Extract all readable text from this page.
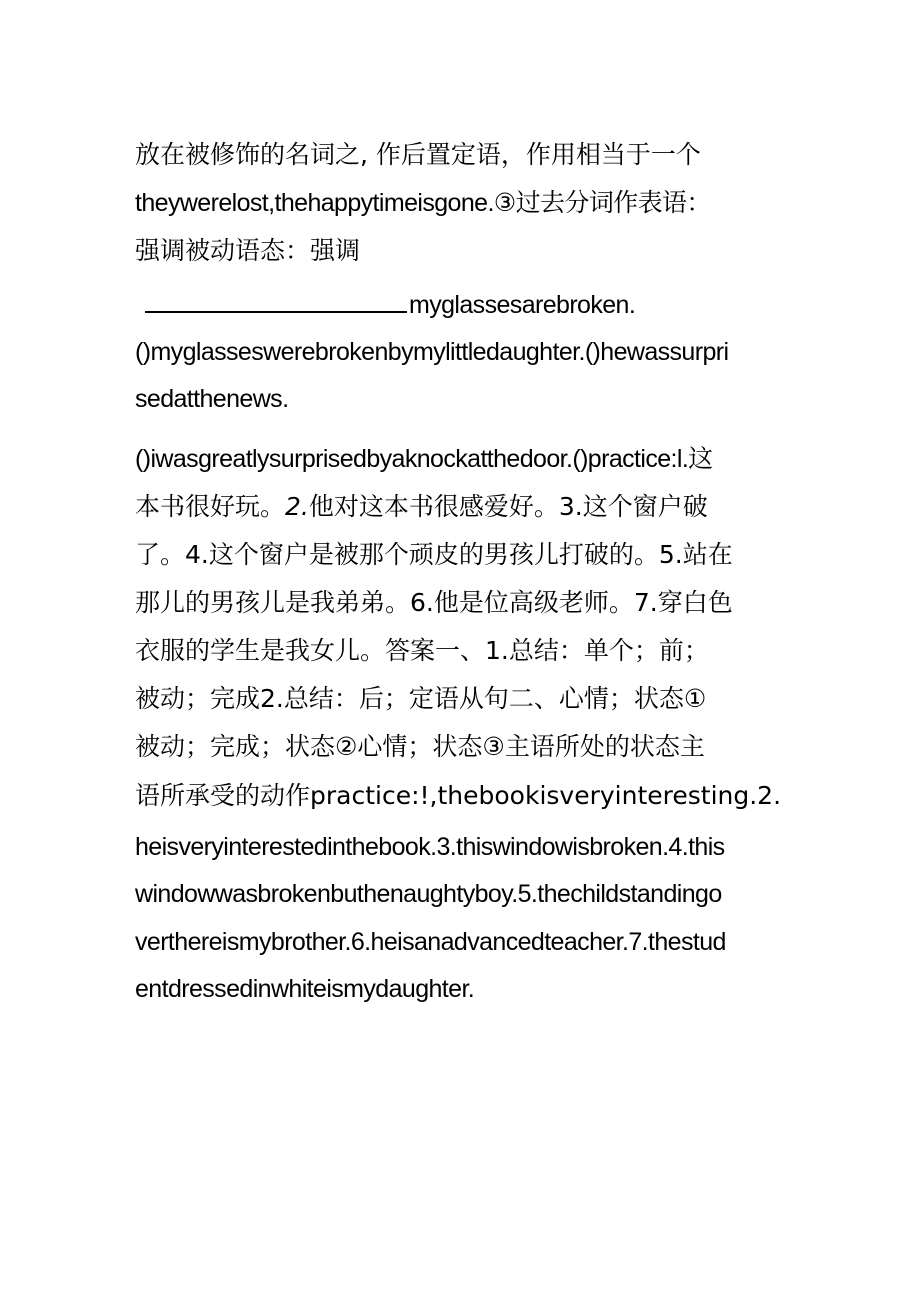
放在被修饰的名词之, 作后置定语，作用相当于一个
theywerelost,thehappytimeisgone.③过去分词作表语：
强调被动语态：强调
myglassesarebroken.
()myglasseswerebrokenbymylittledaughter.()hewassurpri
sedatthenews.
()iwasgreatlysurprisedbyaknockatthedoor.()practice:l.这
本书很好玩。2.他对这本书很感爱好。3.这个窗户破
了。4.这个窗户是被那个顽皮的男孩儿打破的。5.站在
那儿的男孩儿是我弟弟。6.他是位高级老师。7.穿白色
衣服的学生是我女儿。答案一、1.总结：单个；前；
被动；完成2.总结：后；定语从句二、心情；状态①
被动；完成；状态②心情；状态③主语所处的状态主
语所承受的动作practice:!,thebookisveryinteresting.2.
heisveryinterestedinthebook.3.thiswindowisbroken.4.this
windowwasbrokenbuthenaughtyboy.5.thechildstandingo
verthereismybrother.6.heisanadvancedteacher.7.thestud
entdressedinwhiteismydaughter.
